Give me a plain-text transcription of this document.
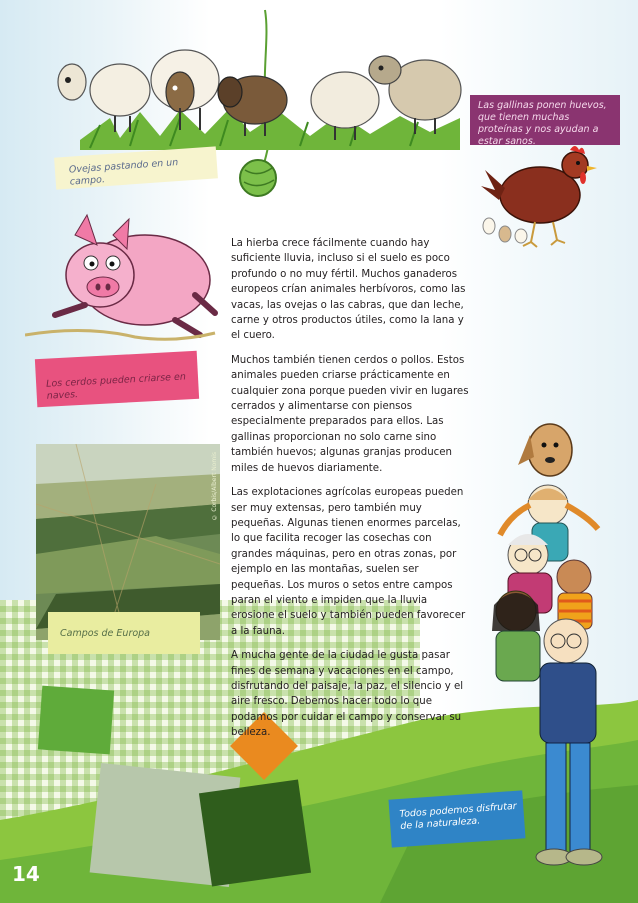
Ovejas pastando en un campo.
Las gallinas ponen huevos, que tienen muchas proteínas y nos ayudan a estar sanos.
Los cerdos pueden criarse en naves.
© Corbis/Albert Nomis
Campos de Europa

La hierba crece fácilmente cuando hay suficiente lluvia, incluso si el suelo es poco profundo o no muy fértil. Muchos ganaderos europeos crían animales herbívoros, como las vacas, las ovejas o las cabras, que dan leche, carne y otros productos útiles, como la lana y el cuero.

Muchos también tienen cerdos o pollos. Estos animales pueden criarse prácticamente en cualquier zona porque pueden vivir en lugares cerrados y alimentarse con piensos especialmente preparados para ellos. Las gallinas proporcionan no solo carne sino también huevos; algunas granjas producen miles de huevos diariamente.

Las explotaciones agrícolas europeas pueden ser muy extensas, pero también muy pequeñas. Algunas tienen enormes parcelas, lo que facilita recoger las cosechas con grandes máquinas, pero en otras zonas, por ejemplo en las montañas, suelen ser pequeñas. Los muros o setos entre campos paran el viento e impiden que la lluvia erosione el suelo y también pueden favorecer a la fauna.

A mucha gente de la ciudad le gusta pasar fines de semana y vacaciones en el campo, disfrutando del paisaje, la paz, el silencio y el aire fresco. Debemos hacer todo lo que podamos por cuidar el campo y conservar su belleza.

Todos podemos disfrutar de la naturaleza.
14
